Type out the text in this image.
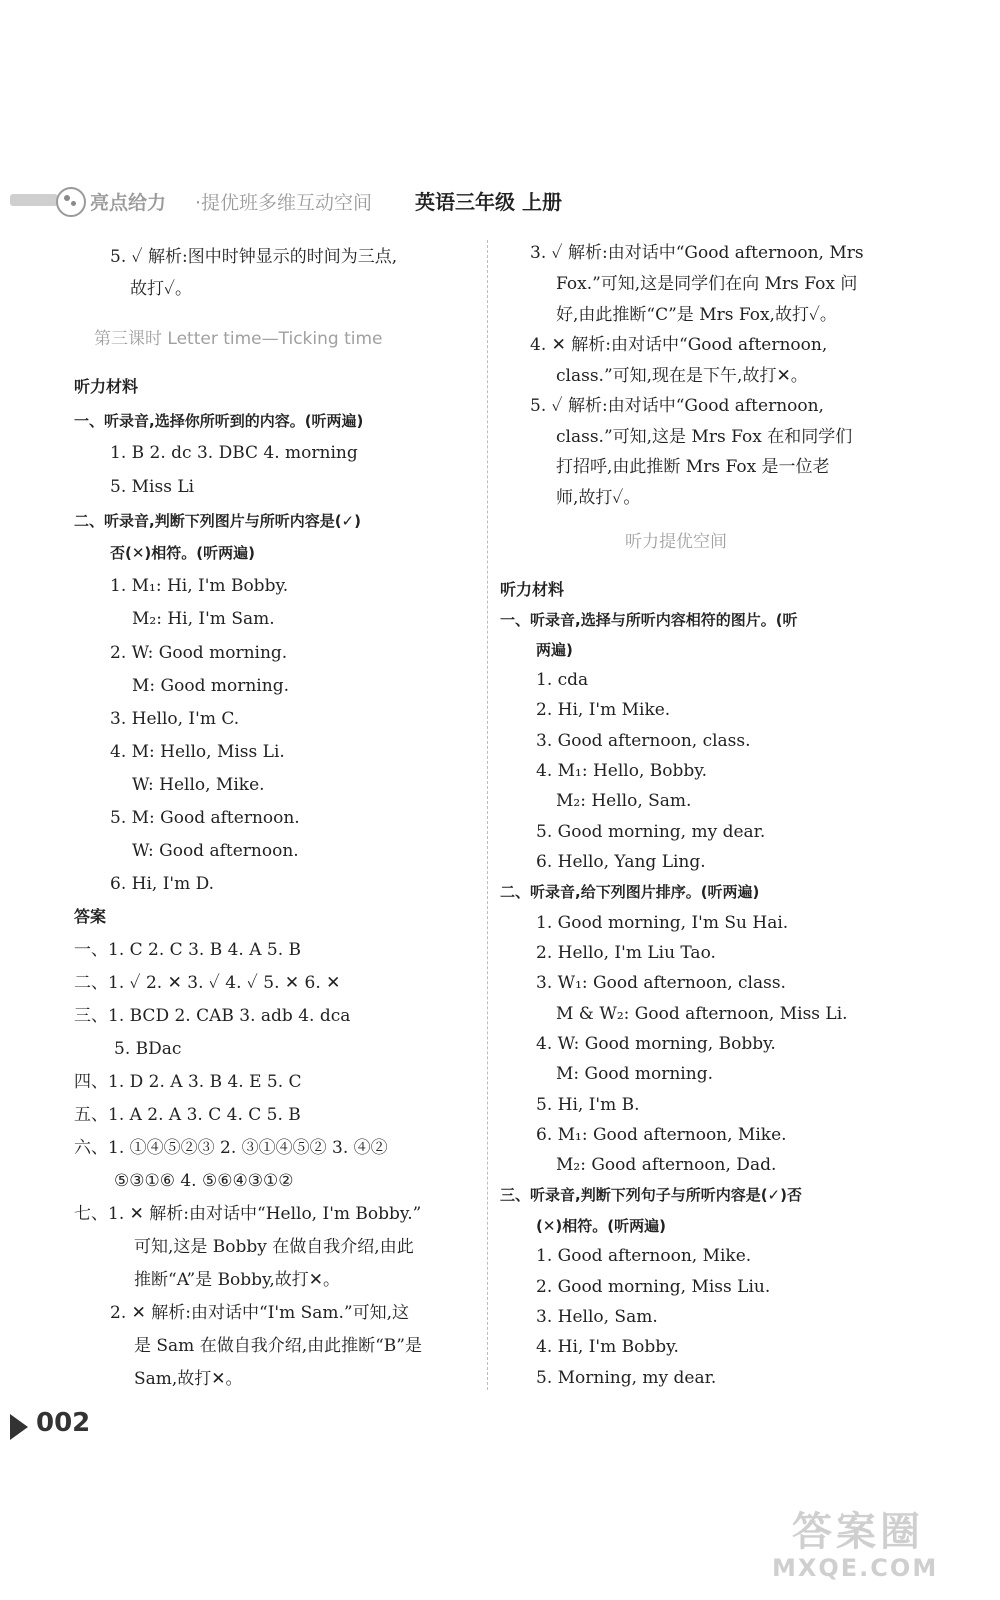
亮点给力 ·提优班多维互动空间 英语三年级 上册
5. ✓ 解析:图中时钟显示的时间为三点,
故打✓。
第三课时 Letter time—Ticking time
听力材料
一、听录音,选择你所听到的内容。(听两遍)
1. B 2. dc 3. DBC 4. morning
5. Miss Li
二、听录音,判断下列图片与所听内容是(✓)
否(✕)相符。(听两遍)
1. M₁: Hi, I'm Bobby.
M₂: Hi, I'm Sam.
2. W: Good morning.
M: Good morning.
3. Hello, I'm C.
4. M: Hello, Miss Li.
W: Hello, Mike.
5. M: Good afternoon.
W: Good afternoon.
6. Hi, I'm D.
答案
一、1. C 2. C 3. B 4. A 5. B
二、1. ✓ 2. ✕ 3. ✓ 4. ✓ 5. ✕ 6. ✕
三、1. BCD 2. CAB 3. adb 4. dca
5. BDac
四、1. D 2. A 3. B 4. E 5. C
五、1. A 2. A 3. C 4. C 5. B
六、1. ①④⑤②③ 2. ③①④⑤② 3. ④②
⑤③①⑥ 4. ⑤⑥④③①②
七、1. ✕ 解析:由对话中“Hello, I'm Bobby.”
可知,这是 Bobby 在做自我介绍,由此
推断“A”是 Bobby,故打✕。
2. ✕ 解析:由对话中“I'm Sam.”可知,这
是 Sam 在做自我介绍,由此推断“B”是
Sam,故打✕。
3. ✓ 解析:由对话中“Good afternoon, Mrs
Fox.”可知,这是同学们在向 Mrs Fox 问
好,由此推断“C”是 Mrs Fox,故打✓。
4. ✕ 解析:由对话中“Good afternoon,
class.”可知,现在是下午,故打✕。
5. ✓ 解析:由对话中“Good afternoon,
class.”可知,这是 Mrs Fox 在和同学们
打招呼,由此推断 Mrs Fox 是一位老
师,故打✓。
听力提优空间
听力材料
一、听录音,选择与所听内容相符的图片。(听
两遍)
1. cda
2. Hi, I'm Mike.
3. Good afternoon, class.
4. M₁: Hello, Bobby.
M₂: Hello, Sam.
5. Good morning, my dear.
6. Hello, Yang Ling.
二、听录音,给下列图片排序。(听两遍)
1. Good morning, I'm Su Hai.
2. Hello, I'm Liu Tao.
3. W₁: Good afternoon, class.
M & W₂: Good afternoon, Miss Li.
4. W: Good morning, Bobby.
M: Good morning.
5. Hi, I'm B.
6. M₁: Good afternoon, Mike.
M₂: Good afternoon, Dad.
三、听录音,判断下列句子与所听内容是(✓)否
(✕)相符。(听两遍)
1. Good afternoon, Mike.
2. Good morning, Miss Liu.
3. Hello, Sam.
4. Hi, I'm Bobby.
5. Morning, my dear.
002
答案圈
MXQE.COM
